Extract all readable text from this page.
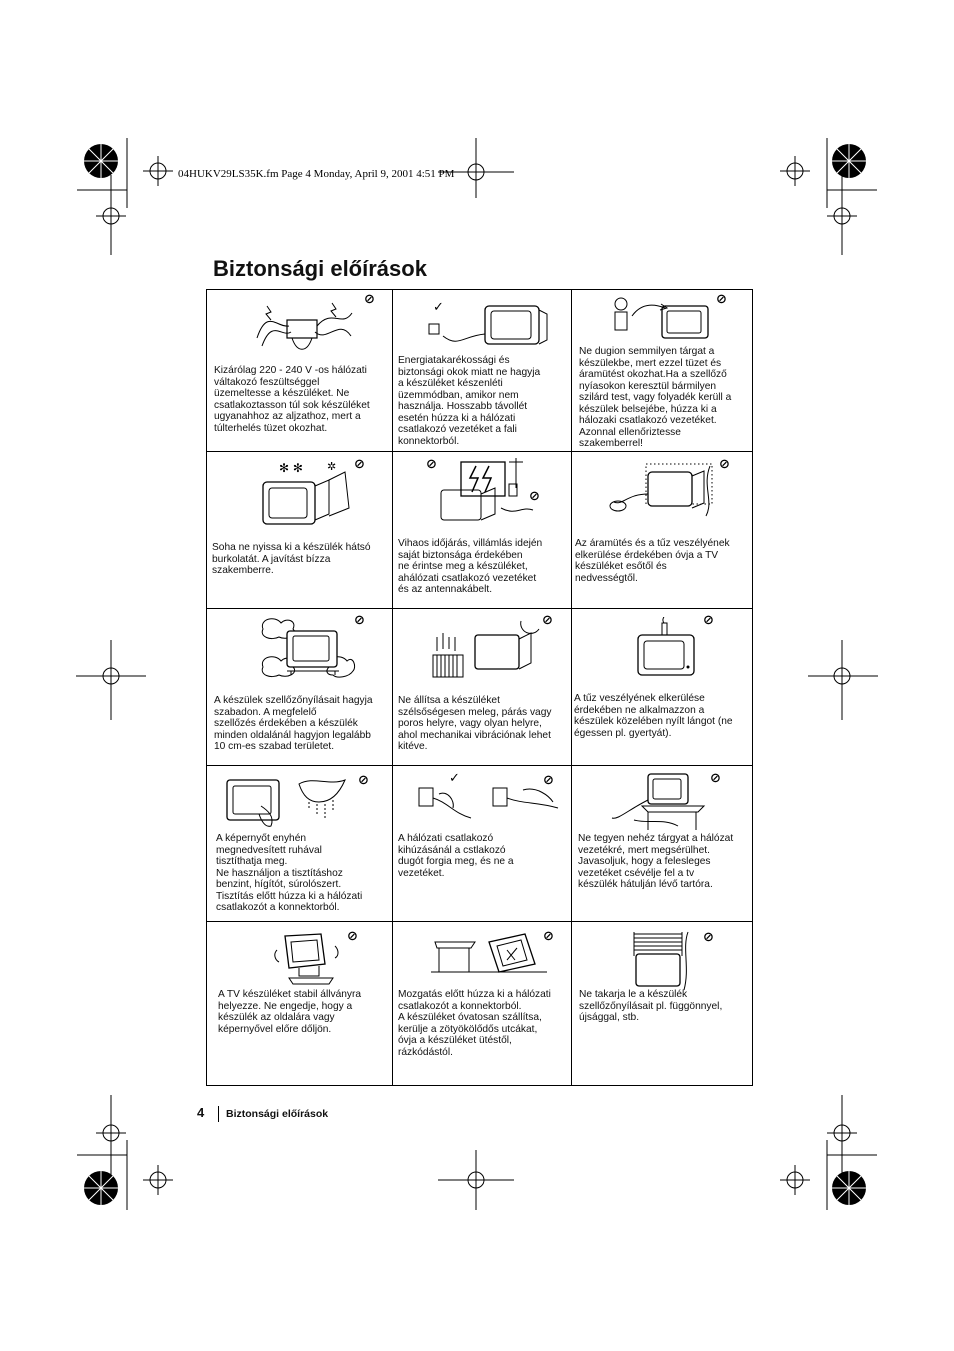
04HUKV29LS35K.fm Page 4 Monday, April 9, 2001 4:51 PM
Biztonsági előírások
⊘

Kizárólag 220 - 240 V -os hálózati

váltakozó feszültséggel

üzemeltesse a készüléket. Ne

csatlakoztasson túl sok készüléket

ugyanahhoz az aljzathoz, mert a

túlterhelés tüzet okozhat.

✓

Energiatakarékossági és

biztonsági okok miatt ne hagyja

a készüléket készenléti

üzemmódban, amikor nem

használja. Hosszabb távollét

esetén húzza ki a hálózati

csatlakozó vezetéket a fali

konnektorból.

⊘

Ne dugion semmilyen tárgat a

készülekbe, mert ezzel tüzet és

áramütést okozhat.Ha a szellőző

nyíasokon keresztül bármilyen

szilárd test, vagy folyadék kerüll a

készülek belsejébe, húzza ki a

hálozaki csatlakozó vezetéket.

Azonnal ellenőriztesse

szakemberrel!

✻ ✻ ✲ ⊘

Soha ne nyissa ki a készülék hátsó

burkolatát. A javítást bízza

szakemberre.

⊘
⊘

Vihaos időjárás, villámlás idején

saját biztonsága érdekében

ne érintse meg a készüléket,

ahálózati csatlakozó vezetéket

és az antennakábelt.

⊘

Az áramütés és a tűz veszélyének

elkerülése érdekében óvja a TV

készüléket esőtől és

nedvességtől.

⊘

A készülek szellőzőnyílásait hagyja

szabadon. A megfelelő

szellőzés érdekében a készülék

minden oldalánál hagyjon legalább

10 cm-es szabad területet.

⊘

Ne állítsa a készüléket

szélsőségesen meleg, párás vagy

poros helyre, vagy olyan helyre,

ahol mechanikai vibrációnak lehet

kitéve.

⊘

A tűz veszélyének elkerülése

érdekében ne alkalmazzon a

készülek közelében nyílt lángot (ne

égessen pl. gyertyát).

⊘

A képernyőt enyhén

megnedvesített ruhával

tisztíthatja meg.

Ne használjon a tisztításhoz

benzint, hígítót, súrolószert.

Tisztítás előtt húzza ki a hálózati

csatlakozót a konnektorból.

✓	⊘

A hálózati csatlakozó

kihúzásánál a cstlakozó

dugót forgia meg, és ne a

vezetéket.

⊘

Ne tegyen nehéz tárgyat a hálózat

vezetékré, mert megsérülhet.

Javasoljuk, hogy a felesleges

vezetéket csévélje fel a tv

készülék hátulján lévő tartóra.

⊘

A TV készüléket stabil állványra

helyezze. Ne engedje, hogy a

készülék az oldalára vagy

képernyővel előre dőljön.

⊘

Mozgatás előtt húzza ki a hálózati

csatlakozót a konnektorból.

A készüléket óvatosan szállítsa,

kerülje a zötyökölődős utcákat,

óvja a készüléket ütéstől,

rázkódástól.

⊘

Ne takarja le a készülék

szellőzőnyílásait pl. függönnyel,

újsággal, stb.

4 Biztonsági előírások
